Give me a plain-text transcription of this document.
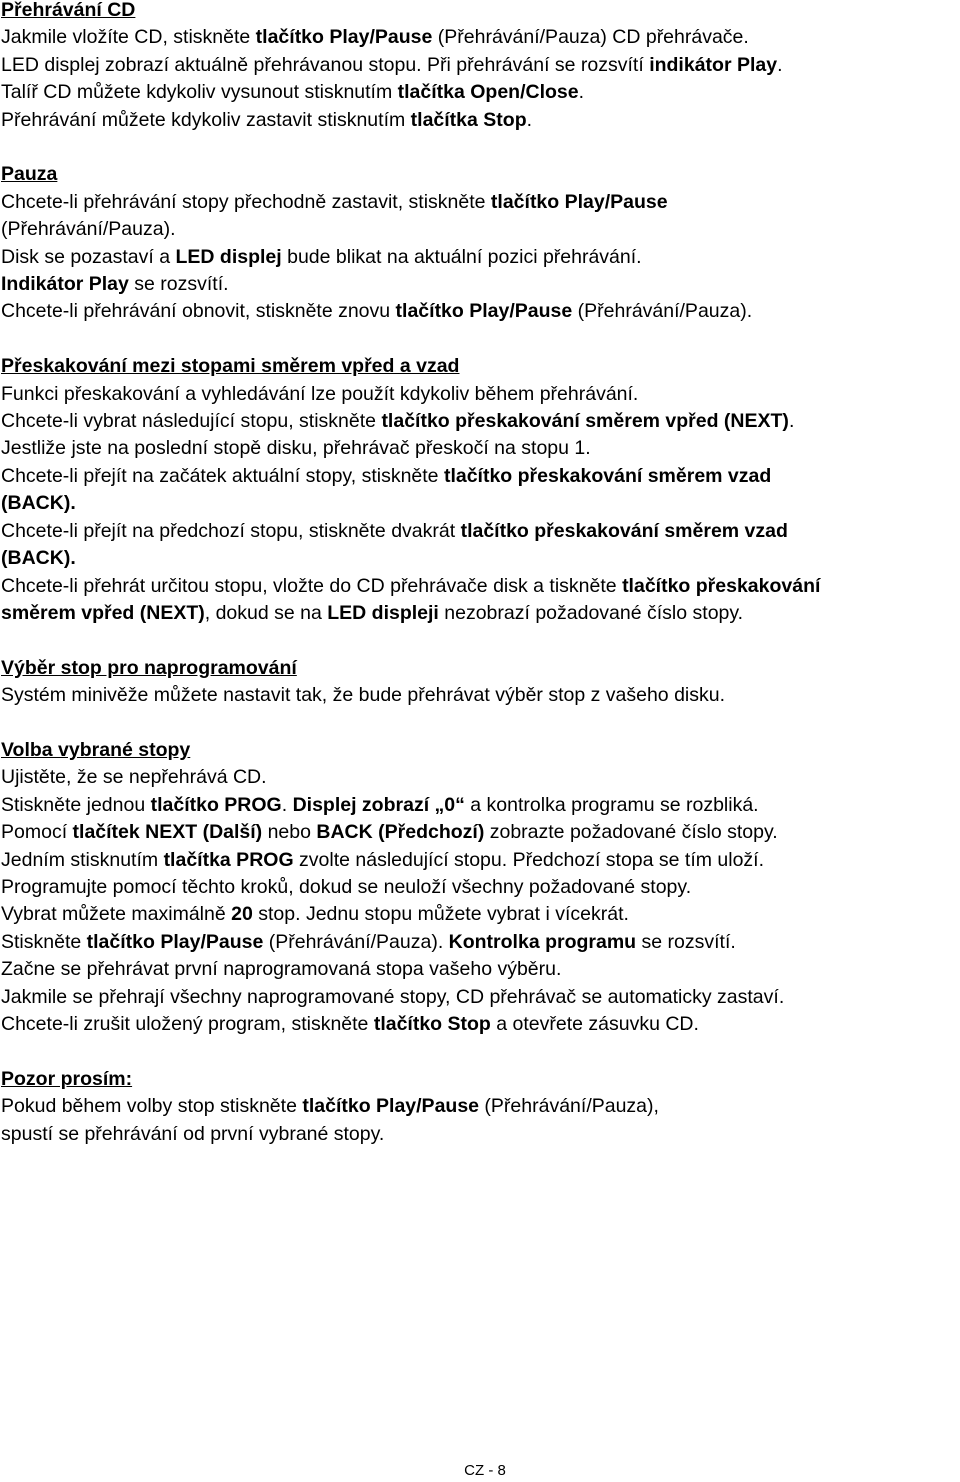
Přehrávání CD
Jakmile vložíte CD, stiskněte tlačítko Play/Pause (Přehrávání/Pauza) CD přehrávače.
LED displej zobrazí aktuálně přehrávanou stopu. Při přehrávání se rozsvítí indikátor Play.
Talíř CD můžete kdykoliv vysunout stisknutím tlačítka Open/Close.
Přehrávání můžete kdykoliv zastavit stisknutím tlačítka Stop.
Pauza
Chcete-li přehrávání stopy přechodně zastavit, stiskněte tlačítko Play/Pause
(Přehrávání/Pauza).
Disk se pozastaví a LED displej bude blikat na aktuální pozici přehrávání.
Indikátor Play se rozsvítí.
Chcete-li přehrávání obnovit, stiskněte znovu tlačítko Play/Pause (Přehrávání/Pauza).
Přeskakování mezi stopami směrem vpřed a vzad
Funkci přeskakování a vyhledávání lze použít kdykoliv během přehrávání.
Chcete-li vybrat následující stopu, stiskněte tlačítko přeskakování směrem vpřed (NEXT).
Jestliže jste na poslední stopě disku, přehrávač přeskočí na stopu 1.
Chcete-li přejít na začátek aktuální stopy, stiskněte tlačítko přeskakování směrem vzad
(BACK).
Chcete-li přejít na předchozí stopu, stiskněte dvakrát tlačítko přeskakování směrem vzad
(BACK).
Chcete-li přehrát určitou stopu, vložte do CD přehrávače disk a tiskněte tlačítko přeskakování
směrem vpřed (NEXT), dokud se na LED displeji nezobrazí požadované číslo stopy.
Výběr stop pro naprogramování
Systém minivěže můžete nastavit tak, že bude přehrávat výběr stop z vašeho disku.
Volba vybrané stopy
Ujistěte, že se nepřehrává CD.
Stiskněte jednou tlačítko PROG. Displej zobrazí „0“ a kontrolka programu se rozbliká.
Pomocí tlačítek NEXT (Další) nebo BACK (Předchozí) zobrazte požadované číslo stopy.
Jedním stisknutím tlačítka PROG zvolte následující stopu. Předchozí stopa se tím uloží.
Programujte pomocí těchto kroků, dokud se neuloží všechny požadované stopy.
Vybrat můžete maximálně 20 stop. Jednu stopu můžete vybrat i vícekrát.
Stiskněte tlačítko Play/Pause (Přehrávání/Pauza). Kontrolka programu se rozsvítí.
Začne se přehrávat první naprogramovaná stopa vašeho výběru.
Jakmile se přehrají všechny naprogramované stopy, CD přehrávač se automaticky zastaví.
Chcete-li zrušit uložený program, stiskněte tlačítko Stop a otevřete zásuvku CD.
Pozor prosím:
Pokud během volby stop stiskněte tlačítko Play/Pause (Přehrávání/Pauza),
spustí se přehrávání od první vybrané stopy.
CZ - 8
